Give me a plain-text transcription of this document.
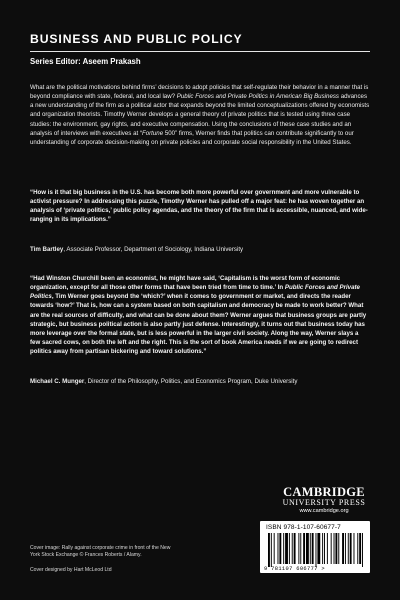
BUSINESS AND PUBLIC POLICY
Series Editor: Aseem Prakash
What are the political motivations behind firms’ decisions to adopt policies that self-regulate their behavior in a manner that is beyond compliance with state, federal, and local law? Public Forces and Private Politics in American Big Business advances a new understanding of the firm as a political actor that expands beyond the limited conceptualizations offered by economists and organization theorists. Timothy Werner develops a general theory of private politics that is tested using three case studies: the environment, gay rights, and executive compensation. Using the conclusions of these case studies and an analysis of interviews with executives at “Fortune 500” firms, Werner finds that politics can contribute significantly to our understanding of corporate decision-making on private policies and corporate social responsibility in the United States.
“How is it that big business in the U.S. has become both more powerful over government and more vulnerable to activist pressure? In addressing this puzzle, Timothy Werner has pulled off a major feat: he has woven together an analysis of ‘private politics,’ public policy agendas, and the theory of the firm that is accessible, nuanced, and wide-ranging in its implications.”
Tim Bartley, Associate Professor, Department of Sociology, Indiana University
“Had Winston Churchill been an economist, he might have said, ‘Capitalism is the worst form of economic organization, except for all those other forms that have been tried from time to time.’ In Public Forces and Private Politics, Tim Werner goes beyond the ‘which?’ when it comes to government or market, and directs the reader towards ‘how?’ That is, how can a system based on both capitalism and democracy be made to work better? What are the real sources of difficulty, and what can be done about them? Werner argues that business groups are partly strategic, but business political action is also partly just defense. Interestingly, it turns out that business today has more leverage over the formal state, but is less powerful in the larger civil society. Along the way, Werner slays a few sacred cows, on both the left and the right. This is the sort of book America needs if we are going to redirect politics away from partisan bickering and toward solutions.”
Michael C. Munger, Director of the Philosophy, Politics, and Economics Program, Duke University
CAMBRIDGE
UNIVERSITY PRESS
www.cambridge.org
ISBN 978-1-107-60677-7
9 781107 606777 >
Cover image: Rally against corporate crime in front of the New York Stock Exchange © Frances Roberts / Alamy.
Cover designed by Hart McLeod Ltd
